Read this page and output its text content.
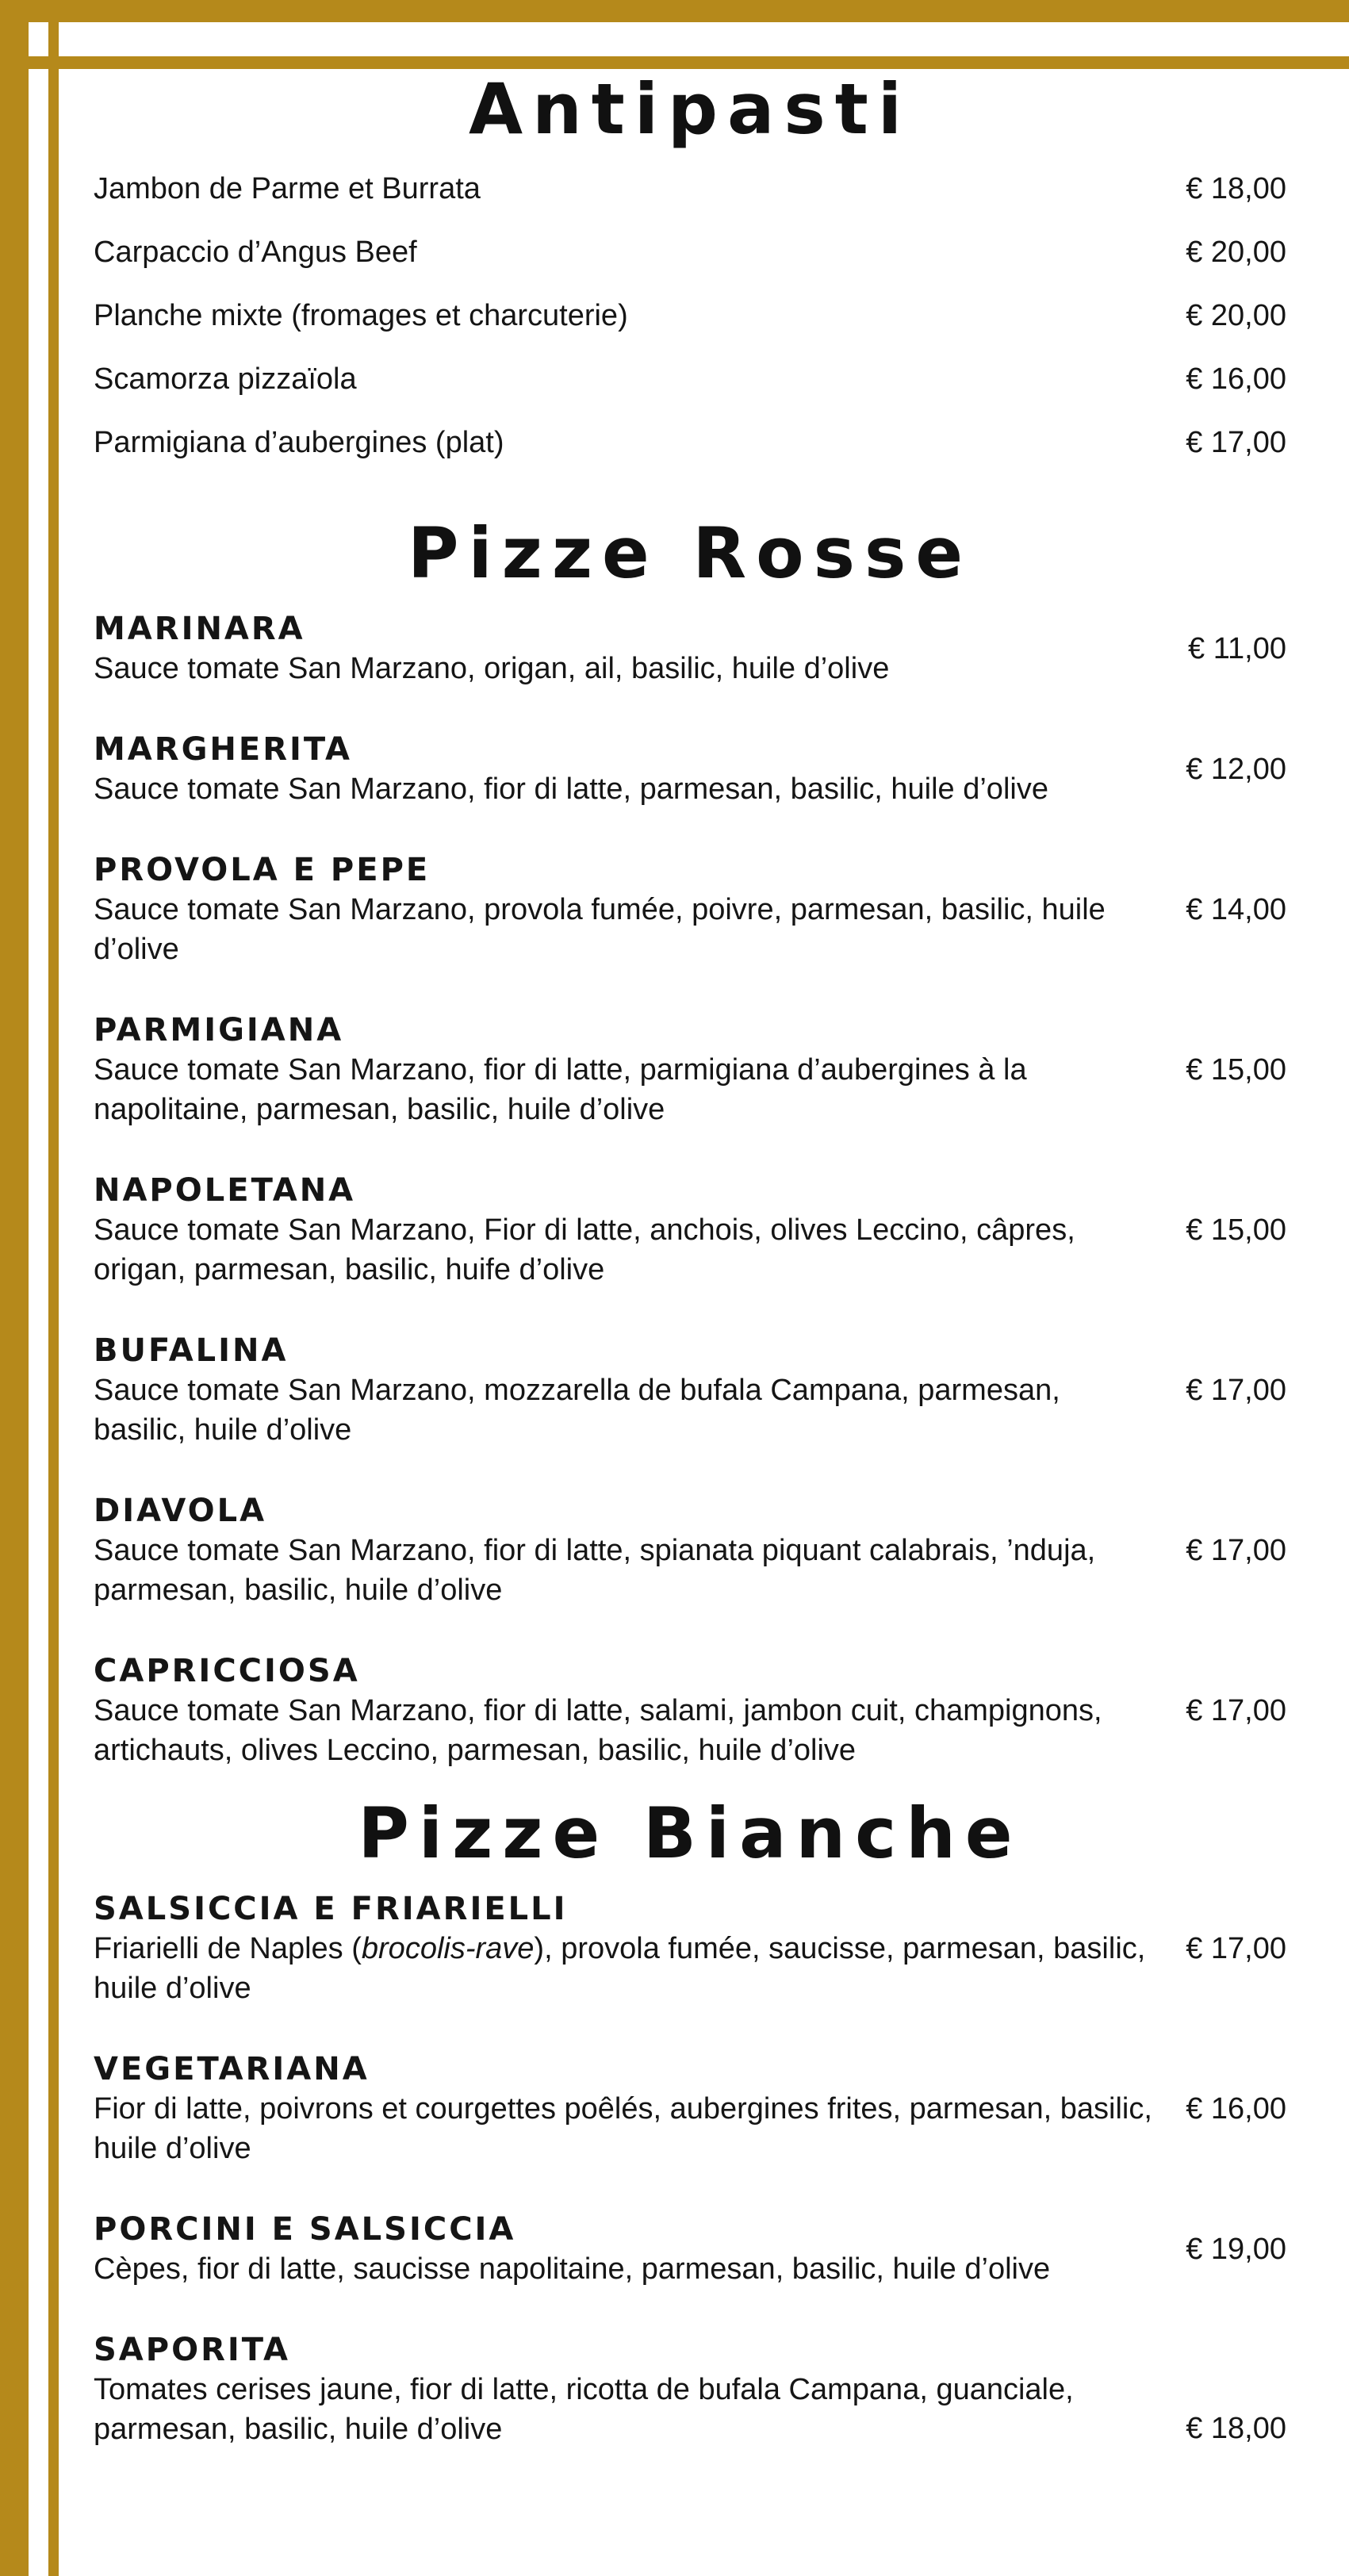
Antipasti
Jambon de Parme et Burrata	€ 18,00
Carpaccio d’Angus Beef	€ 20,00
Planche mixte (fromages et charcuterie)	€ 20,00
Scamorza pizzaïola	€ 16,00
Parmigiana d’aubergines (plat)	€ 17,00
Pizze Rosse
MARINARA
Sauce tomate San Marzano, origan, ail, basilic, huile d’olive
€ 11,00
MARGHERITA
Sauce tomate San Marzano, fior di latte, parmesan, basilic, huile d’olive
€ 12,00
PROVOLA E PEPE
Sauce tomate San Marzano, provola fumée, poivre, parmesan, basilic, huile d’olive
€ 14,00
PARMIGIANA
Sauce tomate San Marzano, fior di latte, parmigiana d’aubergines à la napolitaine, parmesan, basilic, huile d’olive
€ 15,00
NAPOLETANA
Sauce tomate San Marzano, Fior di latte, anchois, olives Leccino, câpres, origan, parmesan, basilic, huife d’olive
€ 15,00
BUFALINA
Sauce tomate San Marzano, mozzarella de bufala Campana, parmesan, basilic, huile d’olive
€ 17,00
DIAVOLA
Sauce tomate San Marzano, fior di latte, spianata piquant calabrais, ’nduja, parmesan, basilic, huile d’olive
€ 17,00
CAPRICCIOSA
Sauce tomate San Marzano, fior di latte, salami, jambon cuit, champignons, artichauts, olives Leccino, parmesan, basilic, huile d’olive
€ 17,00
Pizze Bianche
SALSICCIA E FRIARIELLI
Friarielli de Naples (brocolis-rave), provola fumée, saucisse, parmesan, basilic, huile d’olive
€ 17,00
VEGETARIANA
Fior di latte, poivrons et courgettes poêlés, aubergines frites, parmesan, basilic, huile d’olive
€ 16,00
PORCINI E SALSICCIA
Cèpes, fior di latte, saucisse napolitaine, parmesan, basilic, huile d’olive
€ 19,00
SAPORITA
Tomates cerises jaune, fior di latte, ricotta de bufala Campana, guanciale, parmesan, basilic, huile d’olive	€ 18,00
